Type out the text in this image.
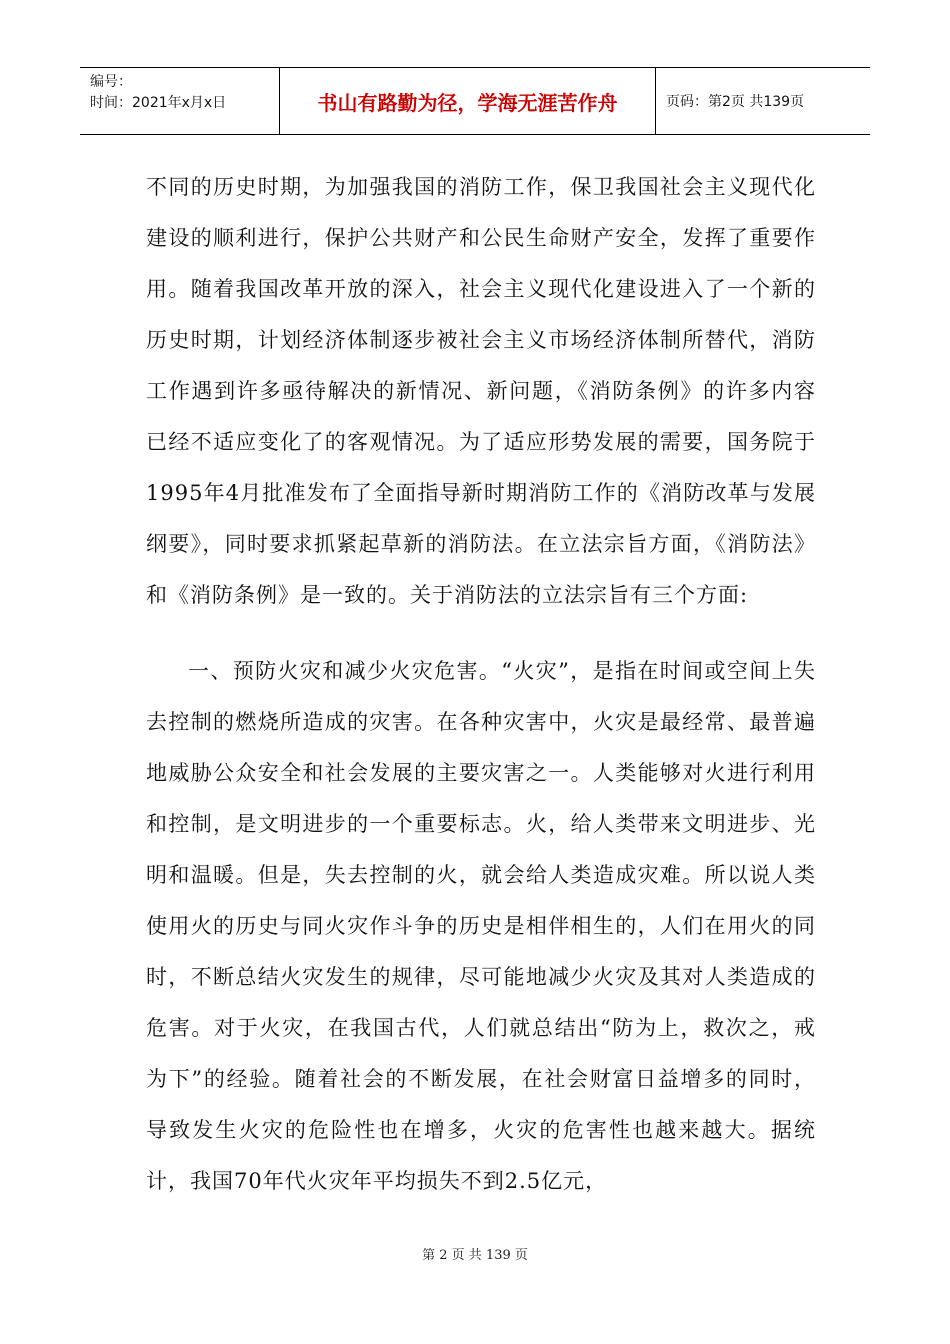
编号：
时间：2021年x月x日	书山有路勤为径，学海无涯苦作舟	页码：第2页 共139页

不同的历史时期，为加强我国的消防工作，保卫我国社会主义现代化建设的顺利进行，保护公共财产和公民生命财产安全，发挥了重要作用。随着我国改革开放的深入，社会主义现代化建设进入了一个新的历史时期，计划经济体制逐步被社会主义市场经济体制所替代，消防工作遇到许多亟待解决的新情况、新问题，《消防条例》的许多内容已经不适应变化了的客观情况。为了适应形势发展的需要，国务院于1995年4月批准发布了全面指导新时期消防工作的《消防改革与发展纲要》，同时要求抓紧起草新的消防法。在立法宗旨方面，《消防法》和《消防条例》是一致的。关于消防法的立法宗旨有三个方面:

一、预防火灾和减少火灾危害。“火灾”，是指在时间或空间上失去控制的燃烧所造成的灾害。在各种灾害中，火灾是最经常、最普遍地威胁公众安全和社会发展的主要灾害之一。人类能够对火进行利用和控制，是文明进步的一个重要标志。火，给人类带来文明进步、光明和温暖。但是，失去控制的火，就会给人类造成灾难。所以说人类使用火的历史与同火灾作斗争的历史是相伴相生的，人们在用火的同时，不断总结火灾发生的规律，尽可能地减少火灾及其对人类造成的危害。对于火灾，在我国古代，人们就总结出“防为上，救次之，戒为下”的经验。随着社会的不断发展，在社会财富日益增多的同时，导致发生火灾的危险性也在增多，火灾的危害性也越来越大。据统计，我国70年代火灾年平均损失不到2.5亿元，

第 2 页 共 139 页
